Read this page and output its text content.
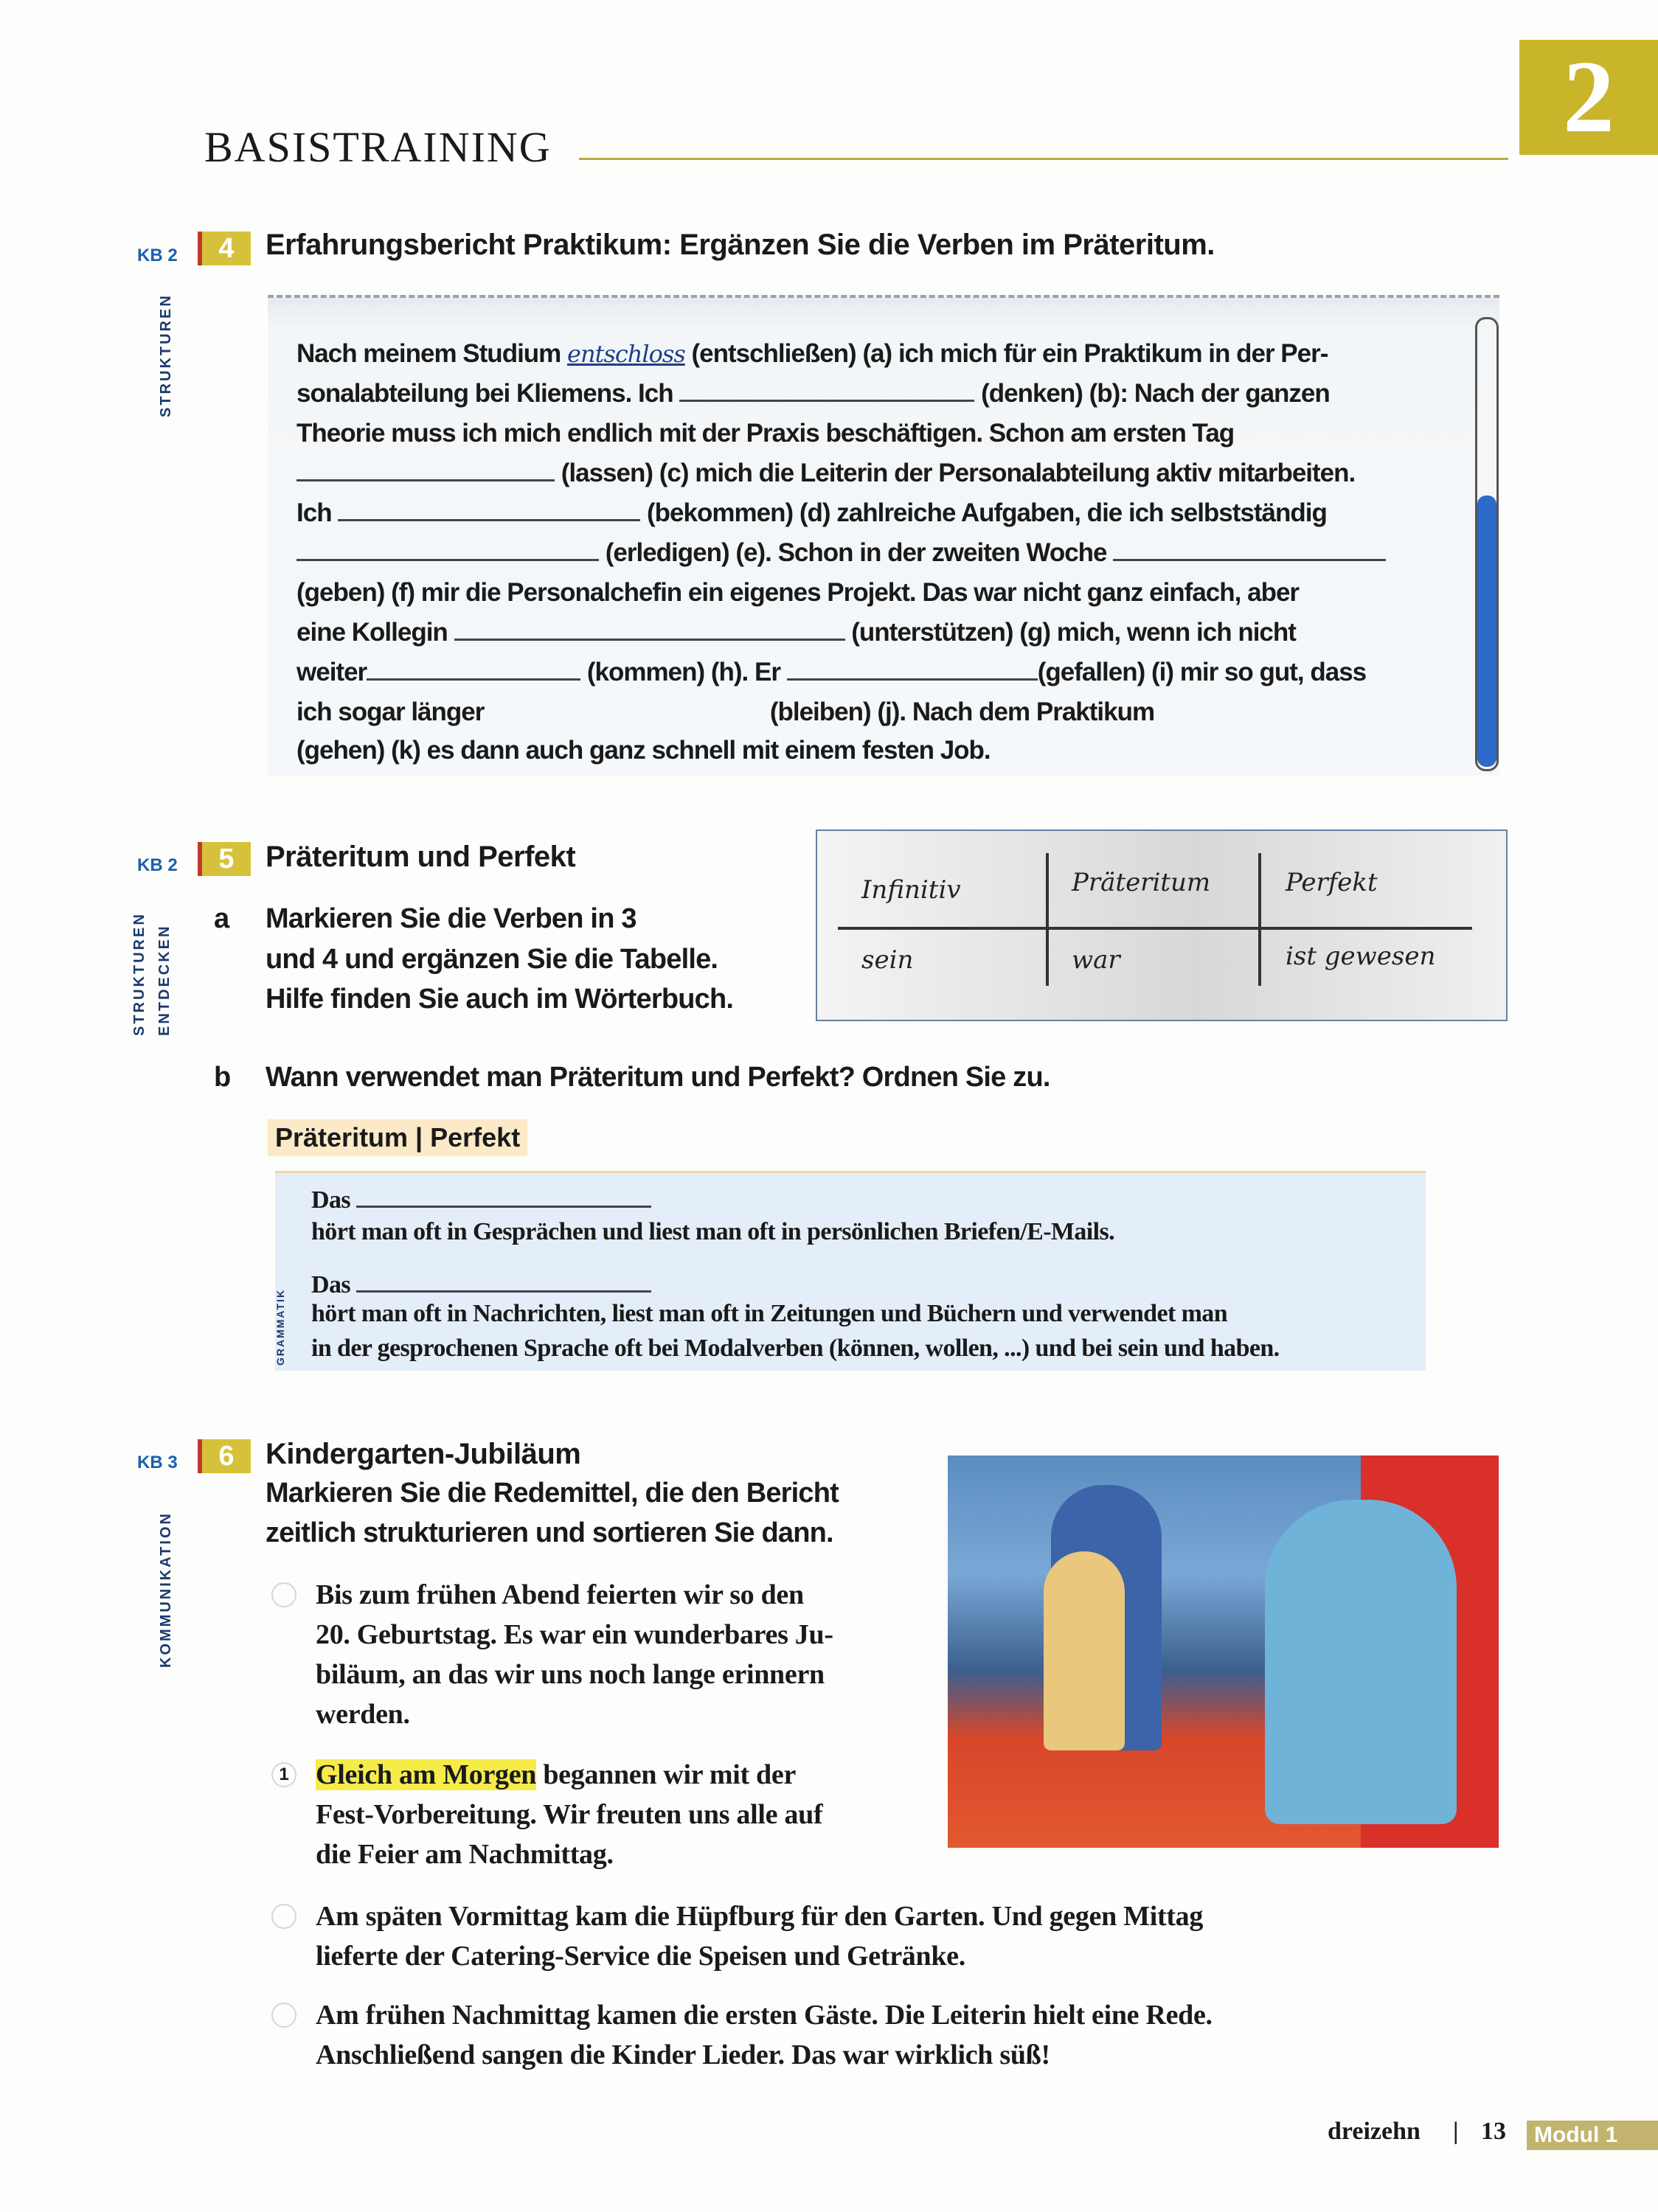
2
BASISTRAINING
KB 2	4	Erfahrungsbericht Praktikum: Ergänzen Sie die Verben im Präteritum.
STRUKTUREN	Nach meinem Studium entschloss (entschließen) (a) ich mich für ein Praktikum in der Per-
sonalabteilung bei Kliemens. Ich	(denken) (b): Nach der ganzen
Theorie muss ich mich endlich mit der Praxis beschäftigen. Schon am ersten Tag
(lassen) (c) mich die Leiterin der Personalabteilung aktiv mitarbeiten.
Ich	(bekommen) (d) zahlreiche Aufgaben, die ich selbstständig
(erledigen) (e). Schon in der zweiten Woche
(geben) (f) mir die Personalchefin ein eigenes Projekt. Das war nicht ganz einfach, aber
eine Kollegin	(unterstützen) (g) mich, wenn ich nicht
weiter	(kommen) (h). Er	(gefallen) (i) mir so gut, dass
ich sogar länger	(bleiben) (j). Nach dem Praktikum
(gehen) (k) es dann auch ganz schnell mit einem festen Job.
KB 2	5	Präteritum und Perfekt
STRUKTUREN ENTDECKEN
a Markieren Sie die Verben in 3
und 4 und ergänzen Sie die Tabelle.
Hilfe finden Sie auch im Wörterbuch.
Infinitiv	Präteritum	Perfekt
sein	war	ist gewesen
b Wann verwendet man Präteritum und Perfekt? Ordnen Sie zu.
Präteritum | Perfekt
GRAMMATIK
Das
hört man oft in Gesprächen und liest man oft in persönlichen Briefen/E-Mails.
Das
hört man oft in Nachrichten, liest man oft in Zeitungen und Büchern und verwendet man
in der gesprochenen Sprache oft bei Modalverben (können, wollen, ...) und bei sein und haben.
KB 3	6	Kindergarten-Jubiläum
Markieren Sie die Redemittel, die den Bericht
zeitlich strukturieren und sortieren Sie dann.
KOMMUNIKATION	Bis zum frühen Abend feierten wir so den
20. Geburtstag. Es war ein wunderbares Ju-
biläum, an das wir uns noch lange erinnern
werden.
1 Gleich am Morgen begannen wir mit der
Fest-Vorbereitung. Wir freuten uns alle auf
die Feier am Nachmittag.
Am späten Vormittag kam die Hüpfburg für den Garten. Und gegen Mittag
lieferte der Catering-Service die Speisen und Getränke.
Am frühen Nachmittag kamen die ersten Gäste. Die Leiterin hielt eine Rede.
Anschließend sangen die Kinder Lieder. Das war wirklich süß!
dreizehn | 13	Modul 1
